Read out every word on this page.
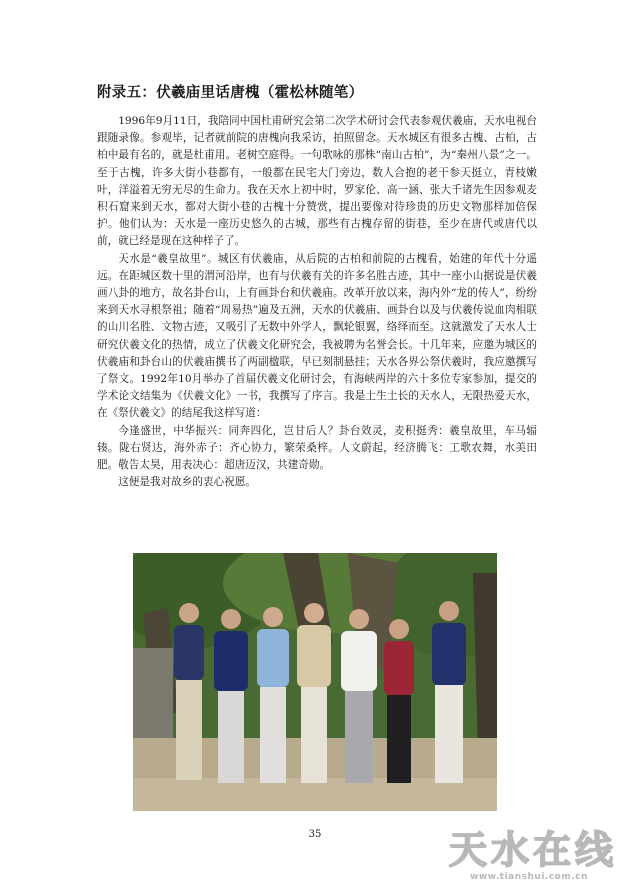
附录五：伏羲庙里话唐槐（霍松林随笔）

1996年9月11日，我陪同中国杜甫研究会第二次学术研讨会代表参观伏羲庙，天水电视台跟随录像。参观毕，记者就前院的唐槐向我采访，拍照留念。天水城区有很多古槐、古柏，古柏中最有名的，就是杜甫用。老树空庭得。一句歌咏的那株“南山古柏”，为“秦州八景”之一。至于古槐，许多大街小巷都有，一般都在民宅大门旁边，数人合抱的老干参天挺立，青枝嫩叶，洋溢着无穷无尽的生命力。我在天水上初中时，罗家伦、高一涵、张大千诸先生因参观麦积石窟来到天水，都对大街小巷的古槐十分赞赏，提出要像对待珍贵的历史文物那样加倍保护。他们认为：天水是一座历史悠久的古城，那些有古槐存留的街巷，至少在唐代或唐代以前，就已经是现在这种样子了。

天水是“羲皇故里”。城区有伏羲庙，从后院的古柏和前院的古槐看，始建的年代十分遥远。在距城区数十里的渭河沿岸，也有与伏羲有关的许多名胜古迹，其中一座小山据说是伏羲画八卦的地方，故名卦台山，上有画卦台和伏羲庙。改革开放以来，海内外“龙的传人”，纷纷来到天水寻根祭祖；随着“周易热”遍及五洲，天水的伏羲庙、画卦台以及与伏羲传说血肉相联的山川名胜、文物古迹，又吸引了无数中外学人，飘轮银翼，络绎而至。这就激发了天水人士研究伏羲文化的热情，成立了伏羲文化研究会，我被聘为名誉会长。十几年来，应邀为城区的伏羲庙和卦台山的伏羲庙撰书了两副楹联，早已刻制悬挂；天水各界公祭伏羲时，我应邀撰写了祭文。1992年10月举办了首届伏羲文化研讨会，有海峡两岸的六十多位专家参加，提交的学术论文结集为《伏羲文化》一书，我撰写了序言。我是土生土长的天水人，无限热爱天水，在《祭伏羲文》的结尾我这样写道：

今逢盛世，中华振兴：同奔四化，岂甘后人？卦台效灵，麦积挺秀：羲皇故里，车马辐辏。陇右贤达，海外赤子：齐心协力，繁荣桑梓。人文蔚起，经济腾飞：工歌农舞，水美田肥。敬告太昊，用表决心：超唐迈汉，共建奇勋。

这便是我对故乡的衷心祝愿。

35	天水在线
www.tianshui.com.cn
